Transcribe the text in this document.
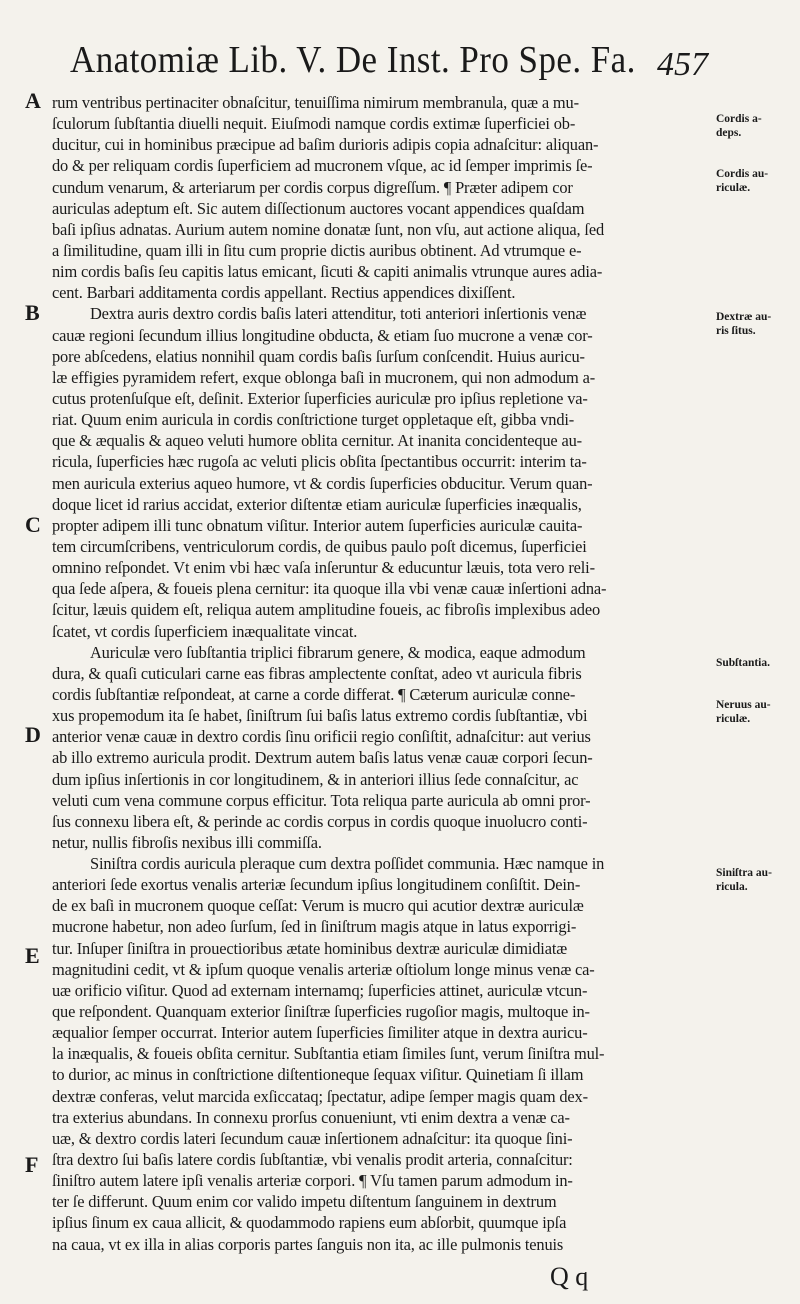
Anatomiæ Lib. V. De Inst. Pro Spe. Fa. 457
A
B
C
D
E
F
rum ventribus pertinaciter obnaſcitur, tenuiſſima nimirum membranula, quæ a mu-
ſculorum ſubſtantia diuelli nequit. Eiuſmodi namque cordis extimæ ſuperficiei ob-
ducitur, cui in hominibus præcipue ad baſim durioris adipis copia adnaſcitur: aliquan-
do & per reliquam cordis ſuperficiem ad mucronem vſque, ac id ſemper imprimis ſe-
cundum venarum, & arteriarum per cordis corpus digreſſum. ¶ Præter adipem cor
auriculas adeptum eſt. Sic autem diſſectionum auctores vocant appendices quaſdam
baſi ipſius adnatas. Aurium autem nomine donatæ ſunt, non vſu, aut actione aliqua, ſed
a ſimilitudine, quam illi in ſitu cum proprie dictis auribus obtinent. Ad vtrumque e-
nim cordis baſis ſeu capitis latus emicant, ſicuti & capiti animalis vtrunque aures adia-
cent. Barbari additamenta cordis appellant. Rectius appendices dixiſſent.
Dextra auris dextro cordis baſis lateri attenditur, toti anteriori inſertionis venæ
cauæ regioni ſecundum illius longitudine obducta, & etiam ſuo mucrone a venæ cor-
pore abſcedens, elatius nonnihil quam cordis baſis ſurſum conſcendit. Huius auricu-
læ effigies pyramidem refert, exque oblonga baſi in mucronem, qui non admodum a-
cutus protenſuſque eſt, deſinit. Exterior ſuperficies auriculæ pro ipſius repletione va-
riat. Quum enim auricula in cordis conſtrictione turget oppletaque eſt, gibba vndi-
que & æqualis & aqueo veluti humore oblita cernitur. At inanita concidenteque au-
ricula, ſuperficies hæc rugoſa ac veluti plicis obſita ſpectantibus occurrit: interim ta-
men auricula exterius aqueo humore, vt & cordis ſuperficies obducitur. Verum quan-
doque licet id rarius accidat, exterior diſtentæ etiam auriculæ ſuperficies inæqualis,
propter adipem illi tunc obnatum viſitur. Interior autem ſuperficies auriculæ cauita-
tem circumſcribens, ventriculorum cordis, de quibus paulo poſt dicemus, ſuperficiei
omnino reſpondet. Vt enim vbi hæc vaſa inſeruntur & educuntur læuis, tota vero reli-
qua ſede aſpera, & foueis plena cernitur: ita quoque illa vbi venæ cauæ inſertioni adna-
ſcitur, læuis quidem eſt, reliqua autem amplitudine foueis, ac fibroſis implexibus adeo
ſcatet, vt cordis ſuperficiem inæqualitate vincat.
Auriculæ vero ſubſtantia triplici fibrarum genere, & modica, eaque admodum
dura, & quaſi cuticulari carne eas fibras amplectente conſtat, adeo vt auricula fibris
cordis ſubſtantiæ reſpondeat, at carne a corde differat. ¶ Cæterum auriculæ conne-
xus propemodum ita ſe habet, ſiniſtrum ſui baſis latus extremo cordis ſubſtantiæ, vbi
anterior venæ cauæ in dextro cordis ſinu orificii regio conſiſtit, adnaſcitur: aut verius
ab illo extremo auricula prodit. Dextrum autem baſis latus venæ cauæ corpori ſecun-
dum ipſius inſertionis in cor longitudinem, & in anteriori illius ſede connaſcitur, ac
veluti cum vena commune corpus efficitur. Tota reliqua parte auricula ab omni pror-
ſus connexu libera eſt, & perinde ac cordis corpus in cordis quoque inuolucro conti-
netur, nullis fibroſis nexibus illi commiſſa.
Siniſtra cordis auricula pleraque cum dextra poſſidet communia. Hæc namque in
anteriori ſede exortus venalis arteriæ ſecundum ipſius longitudinem conſiſtit. Dein-
de ex baſi in mucronem quoque ceſſat: Verum is mucro qui acutior dextræ auriculæ
mucrone habetur, non adeo ſurſum, ſed in ſiniſtrum magis atque in latus exporrigi-
tur. Inſuper ſiniſtra in prouectioribus ætate hominibus dextræ auriculæ dimidiatæ
magnitudini cedit, vt & ipſum quoque venalis arteriæ oſtiolum longe minus venæ ca-
uæ orificio viſitur. Quod ad externam internamq; ſuperficies attinet, auriculæ vtcun-
que reſpondent. Quanquam exterior ſiniſtræ ſuperficies rugoſior magis, multoque in-
æqualior ſemper occurrat. Interior autem ſuperficies ſimiliter atque in dextra auricu-
la inæqualis, & foueis obſita cernitur. Subſtantia etiam ſimiles ſunt, verum ſiniſtra mul-
to durior, ac minus in conſtrictione diſtentioneque ſequax viſitur. Quinetiam ſi illam
dextræ conferas, velut marcida exſiccataq; ſpectatur, adipe ſemper magis quam dex-
tra exterius abundans. In connexu prorſus conueniunt, vti enim dextra a venæ ca-
uæ, & dextro cordis lateri ſecundum cauæ inſertionem adnaſcitur: ita quoque ſini-
ſtra dextro ſui baſis latere cordis ſubſtantiæ, vbi venalis prodit arteria, connaſcitur:
ſiniſtro autem latere ipſi venalis arteriæ corpori. ¶ Vſu tamen parum admodum in-
ter ſe differunt. Quum enim cor valido impetu diſtentum ſanguinem in dextrum
ipſius ſinum ex caua allicit, & quodammodo rapiens eum abſorbit, quumque ipſa
na caua, vt ex illa in alias corporis partes ſanguis non ita, ac ille pulmonis tenuis
Cordis a-
deps.
Cordis au-
riculæ.
Dextræ au-
ris ſitus.
Subſtantia.
Neruus au-
riculæ.
Siniſtra au-
ricula.
Q q
